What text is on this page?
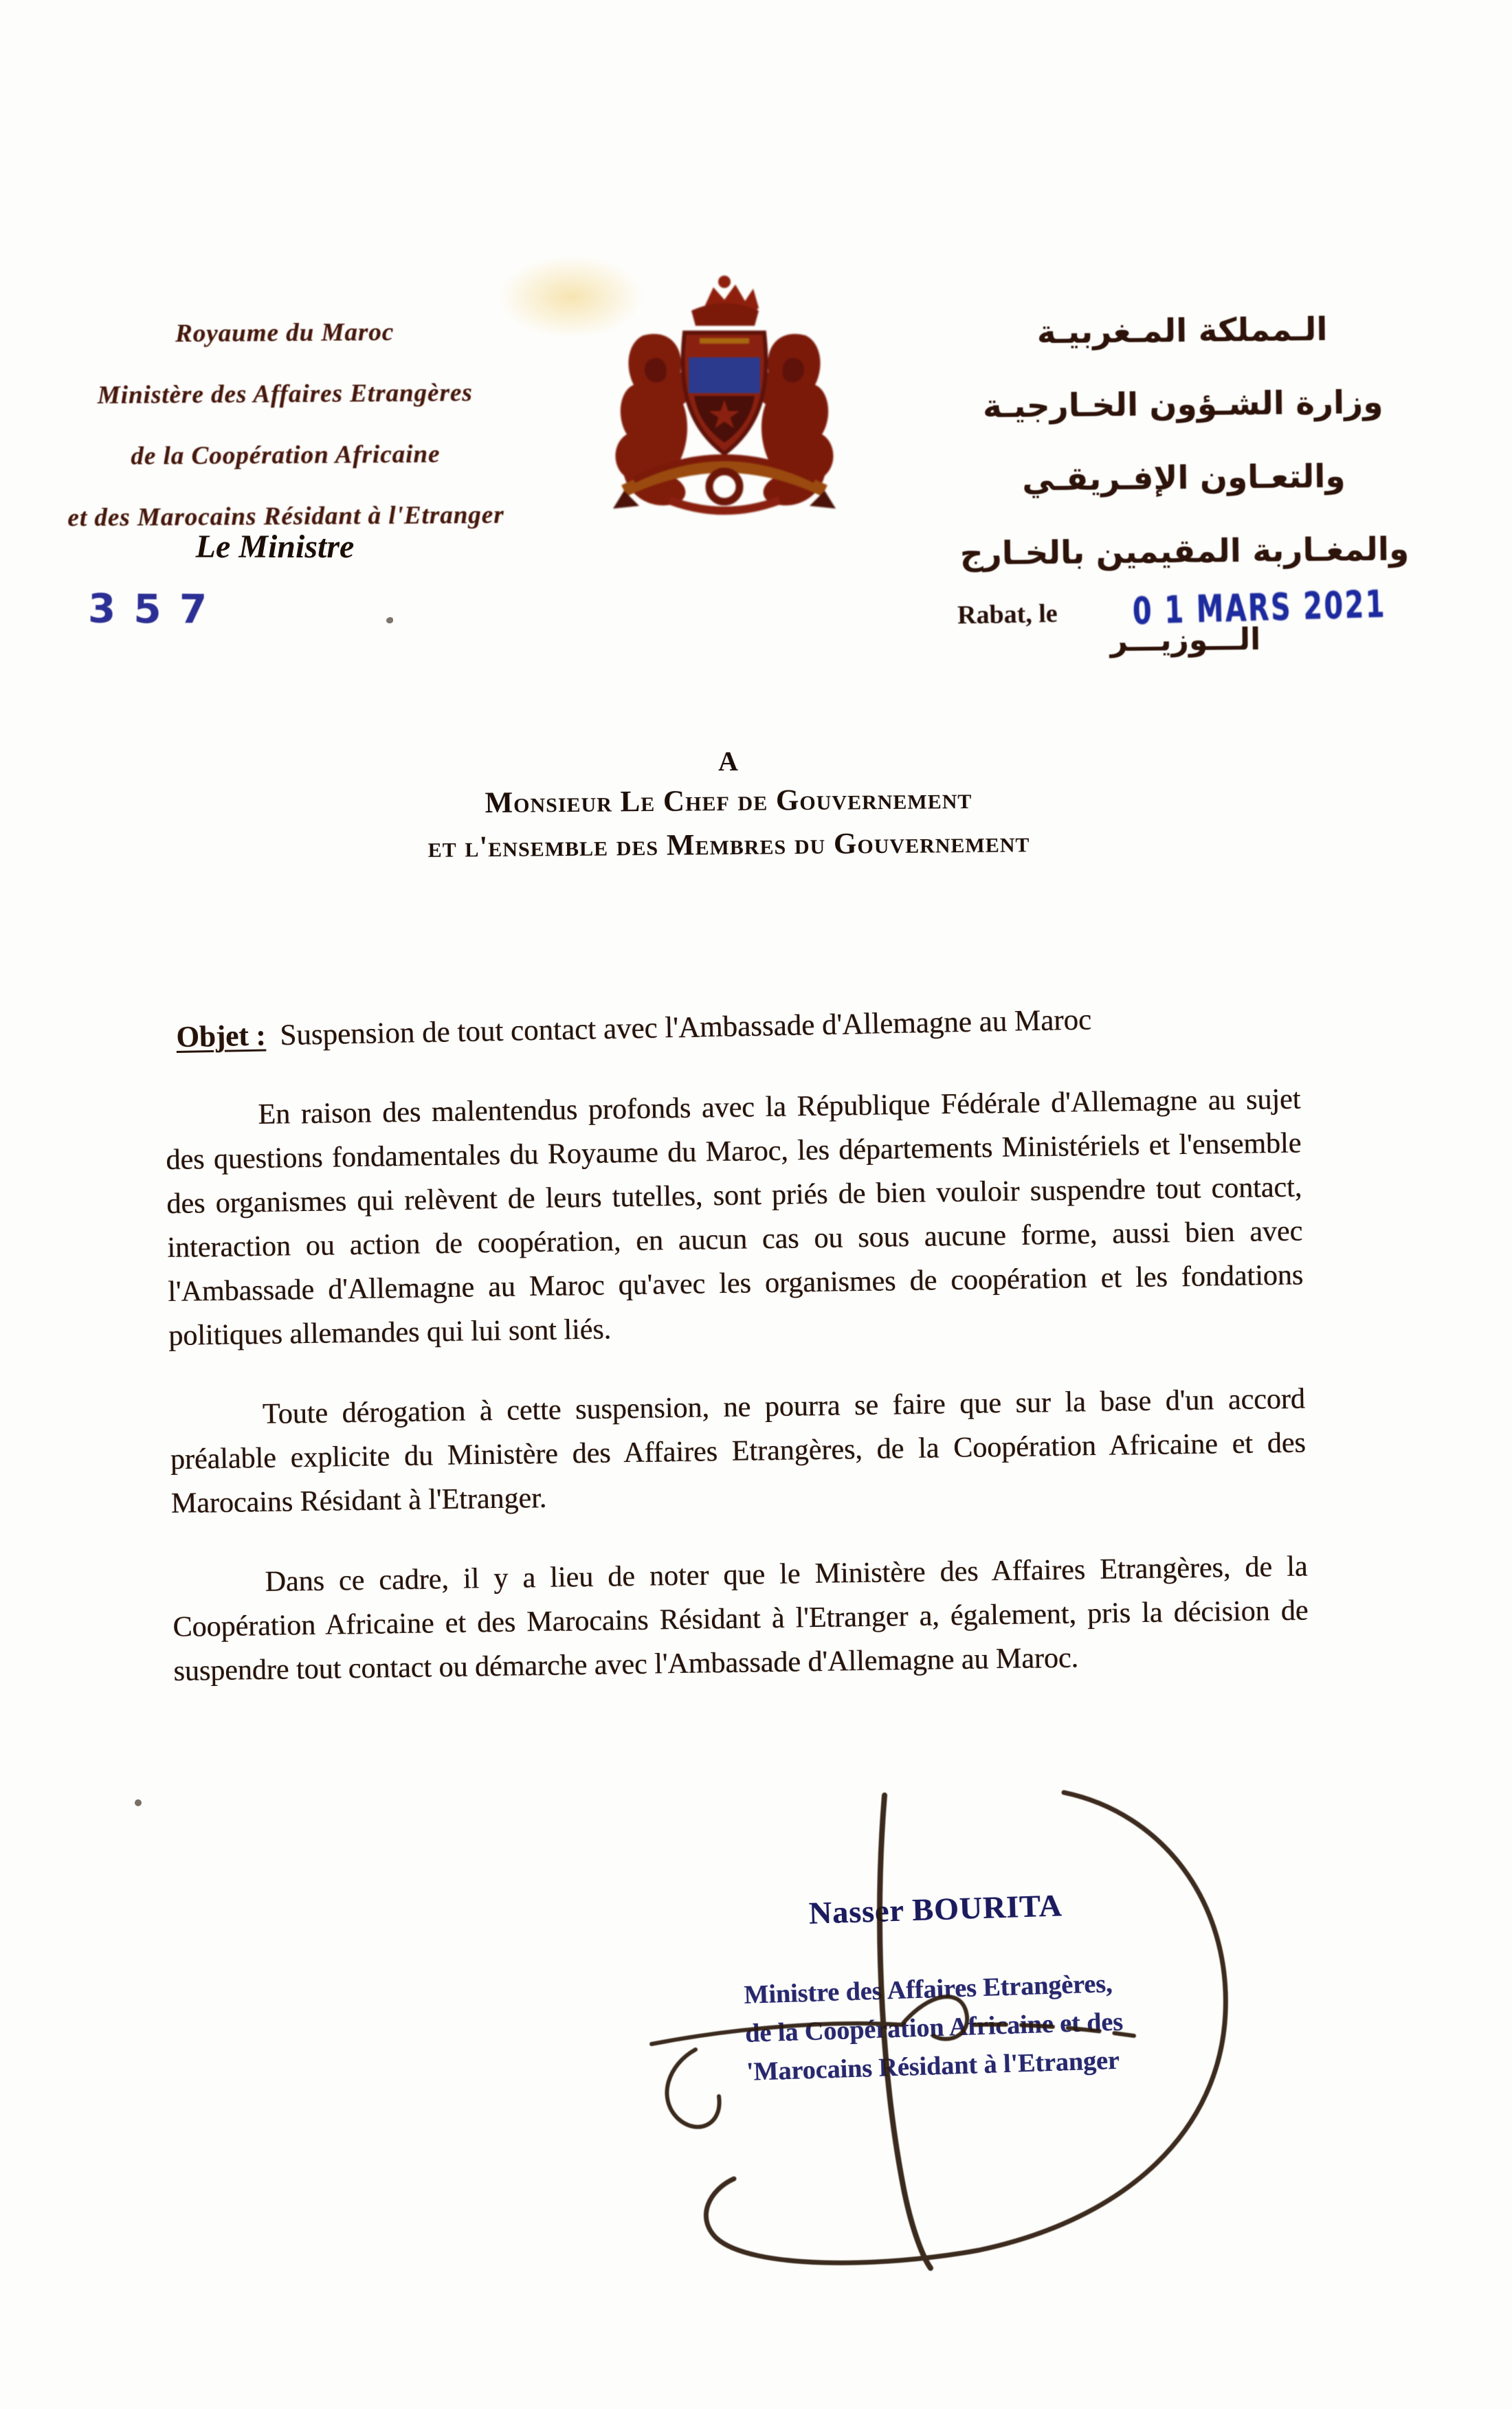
Royaume du Maroc
Ministère des Affaires Etrangères
de la Coopération Africaine
et des Marocains Résidant à l'Etranger
Le Ministre
357
الـمملكة المـغربيـة
وزارة الشـؤون الخـارجيـة
والتعـاون الإفـريقـي
والمغـاربة المقيمين بالخـارج
الـــوزيـــر
Rabat, le 0 1 MARS 2021
A
Monsieur Le Chef de Gouvernement
et l'ensemble des Membres du Gouvernement
Objet : Suspension de tout contact avec l'Ambassade d'Allemagne au Maroc

En raison des malentendus profonds avec la République Fédérale d'Allemagne au sujet des questions fondamentales du Royaume du Maroc, les départements Ministériels et l'ensemble des organismes qui relèvent de leurs tutelles, sont priés de bien vouloir suspendre tout contact, interaction ou action de coopération, en aucun cas ou sous aucune forme, aussi bien avec l'Ambassade d'Allemagne au Maroc qu'avec les organismes de coopération et les fondations politiques allemandes qui lui sont liés.

Toute dérogation à cette suspension, ne pourra se faire que sur la base d'un accord préalable explicite du Ministère des Affaires Etrangères, de la Coopération Africaine et des Marocains Résidant à l'Etranger.

Dans ce cadre, il y a lieu de noter que le Ministère des Affaires Etrangères, de la Coopération Africaine et des Marocains Résidant à l'Etranger a, également, pris la décision de suspendre tout contact ou démarche avec l'Ambassade d'Allemagne au Maroc.

Nasser BOURITA
Ministre des Affaires Etrangères,
de la Coopération Africaine et des
'Marocains Résidant à l'Etranger
